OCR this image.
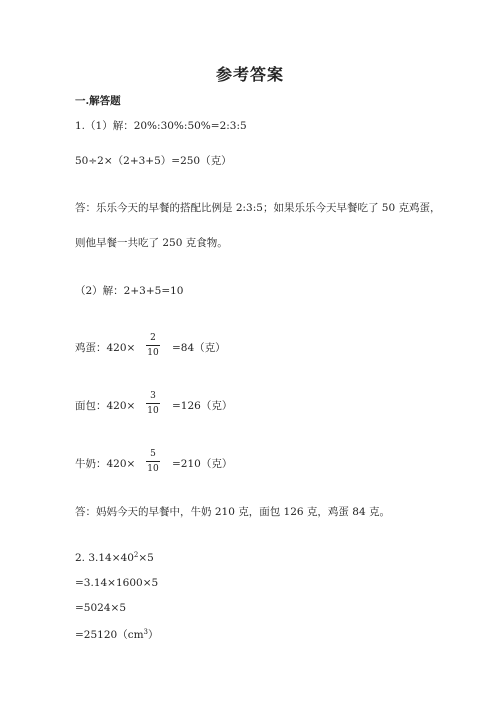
参考答案
一.解答题
1.（1）解：20%:30%:50%=2:3:5
50÷2×（2+3+5）=250（克）
答：乐乐今天的早餐的搭配比例是 2:3:5；如果乐乐今天早餐吃了 50 克鸡蛋，
则他早餐一共吃了 250 克食物。
（2）解：2+3+5=10
鸡蛋：420×
2
10 =84（克）
面包：420×
3
10 =126（克）
牛奶：420×
5
10 =210（克）
答：妈妈今天的早餐中，牛奶 210 克，面包 126 克，鸡蛋 84 克。
2. $3.14\times 40^2\times 5$
=3.14×1600×5
=5024×5
$=25120(cm^3)$
